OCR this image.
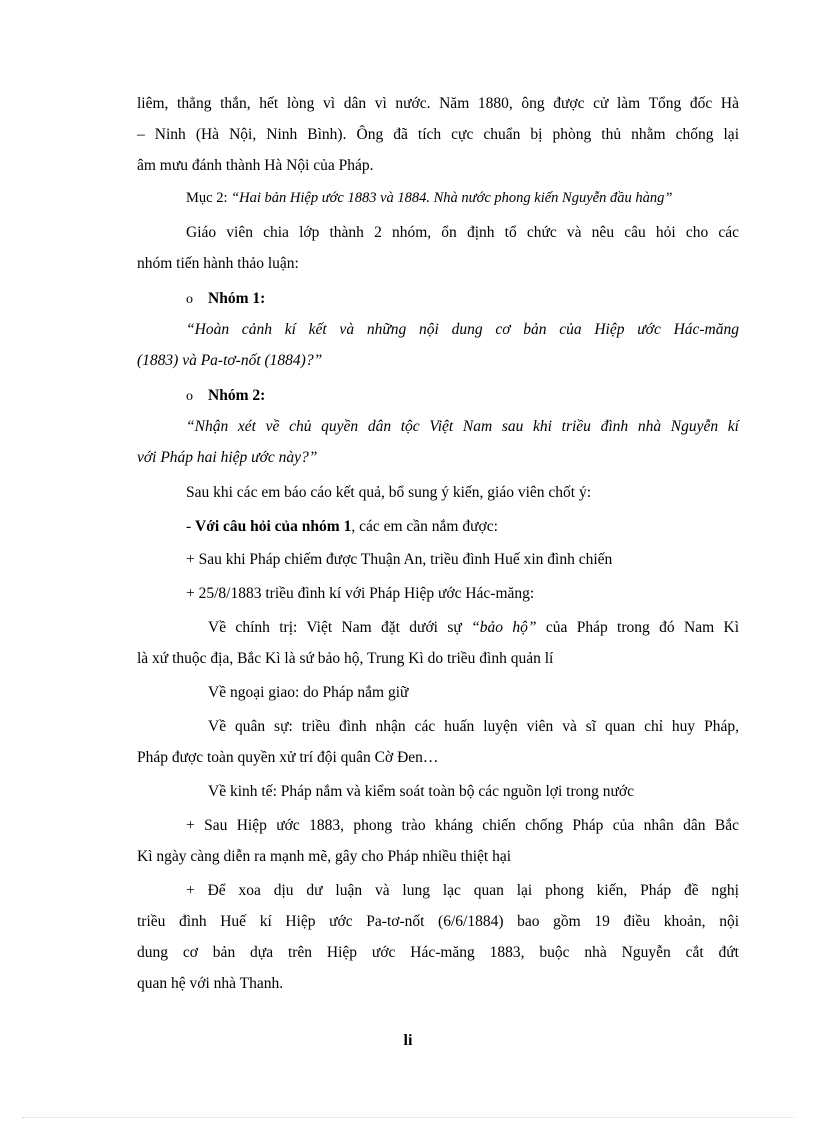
liêm, thẳng thắn, hết lòng vì dân vì nước. Năm 1880, ông được cử làm Tổng đốc Hà

– Ninh (Hà Nội, Ninh Bình). Ông đã tích cực chuẩn bị phòng thủ nhằm chống lại

âm mưu đánh thành Hà Nội của Pháp.

Mục 2: “Hai bản Hiệp ước 1883 và 1884. Nhà nước phong kiến Nguyễn đầu hàng”

Giáo viên chia lớp thành 2 nhóm, ổn định tổ chức và nêu câu hỏi cho các

nhóm tiến hành thảo luận:

o Nhóm 1:

“Hoàn cảnh kí kết và những nội dung cơ bản của Hiệp ước Hác-măng

(1883) và Pa-tơ-nốt (1884)?”

o Nhóm 2:

“Nhận xét về chủ quyền dân tộc Việt Nam sau khi triều đình nhà Nguyễn kí

với Pháp hai hiệp ước này?”

Sau khi các em báo cáo kết quả, bổ sung ý kiến, giáo viên chốt ý:

- Với câu hỏi của nhóm 1, các em cần nắm được:

+ Sau khi Pháp chiếm được Thuận An, triều đình Huế xin đình chiến

+ 25/8/1883 triều đình kí với Pháp Hiệp ước Hác-măng:

Về chính trị: Việt Nam đặt dưới sự “bảo hộ” của Pháp trong đó Nam Kì

là xứ thuộc địa, Bắc Kì là sứ bảo hộ, Trung Kì do triều đình quản lí

Về ngoại giao: do Pháp nắm giữ

Về quân sự: triều đình nhận các huấn luyện viên và sĩ quan chỉ huy Pháp,

Pháp được toàn quyền xử trí đội quân Cờ Đen…

Về kinh tế: Pháp nắm và kiểm soát toàn bộ các nguồn lợi trong nước

+ Sau Hiệp ước 1883, phong trào kháng chiến chống Pháp của nhân dân Bắc

Kì ngày càng diễn ra mạnh mẽ, gây cho Pháp nhiều thiệt hại

+ Để xoa dịu dư luận và lung lạc quan lại phong kiến, Pháp đề nghị

triều đình Huế kí Hiệp ước Pa-tơ-nốt (6/6/1884) bao gồm 19 điều khoản, nội

dung cơ bản dựa trên Hiệp ước Hác-măng 1883, buộc nhà Nguyễn cắt đứt

quan hệ với nhà Thanh.

li
